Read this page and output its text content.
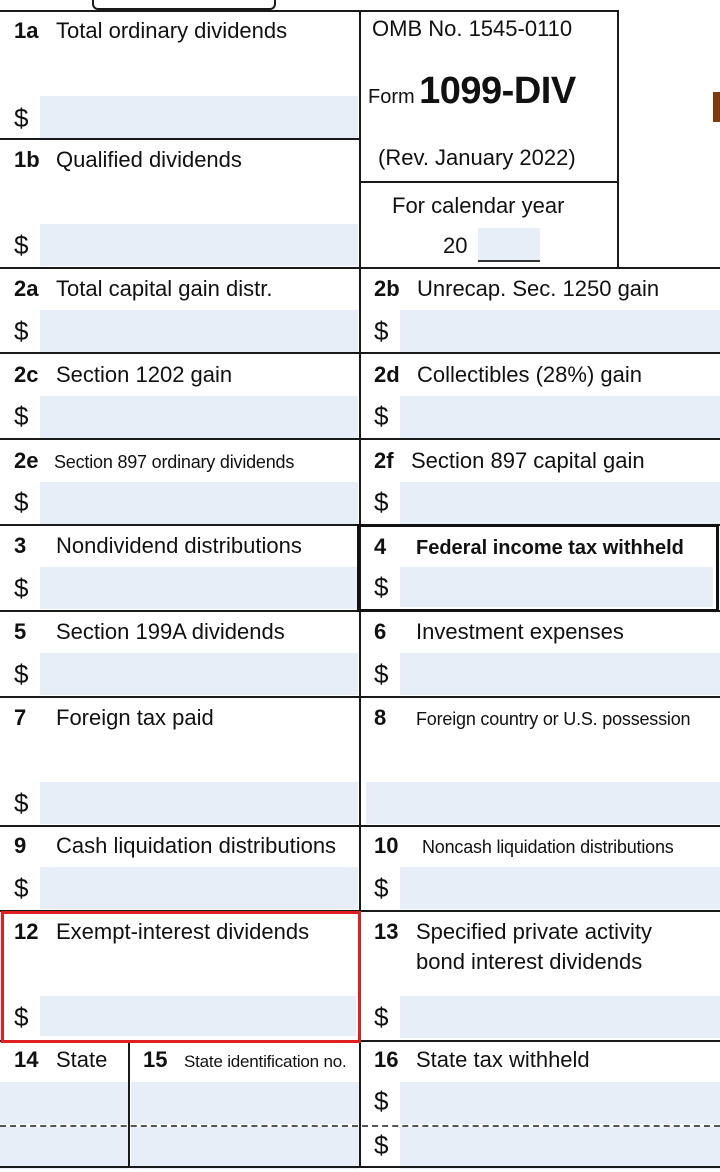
OMB No. 1545-0110
Form 1099-DIV
(Rev. January 2022)
For calendar year
20
1a Total ordinary dividends
$
1b Qualified dividends
$
2a Total capital gain distr.
$
2c Section 1202 gain
$
2e Section 897 ordinary dividends
$
3 Nondividend distributions
$
5 Section 199A dividends
$
7 Foreign tax paid
$
9 Cash liquidation distributions
$
12 Exempt-interest dividends
$
14 State 15 State identification no.
2b Unrecap. Sec. 1250 gain
$
2d Collectibles (28%) gain
$
2f Section 897 capital gain
$
4 Federal income tax withheld
$
6 Investment expenses
$
8 Foreign country or U.S. possession
10 Noncash liquidation distributions
$
13 Specified private activity
bond interest dividends
$
16 State tax withheld
$
$
